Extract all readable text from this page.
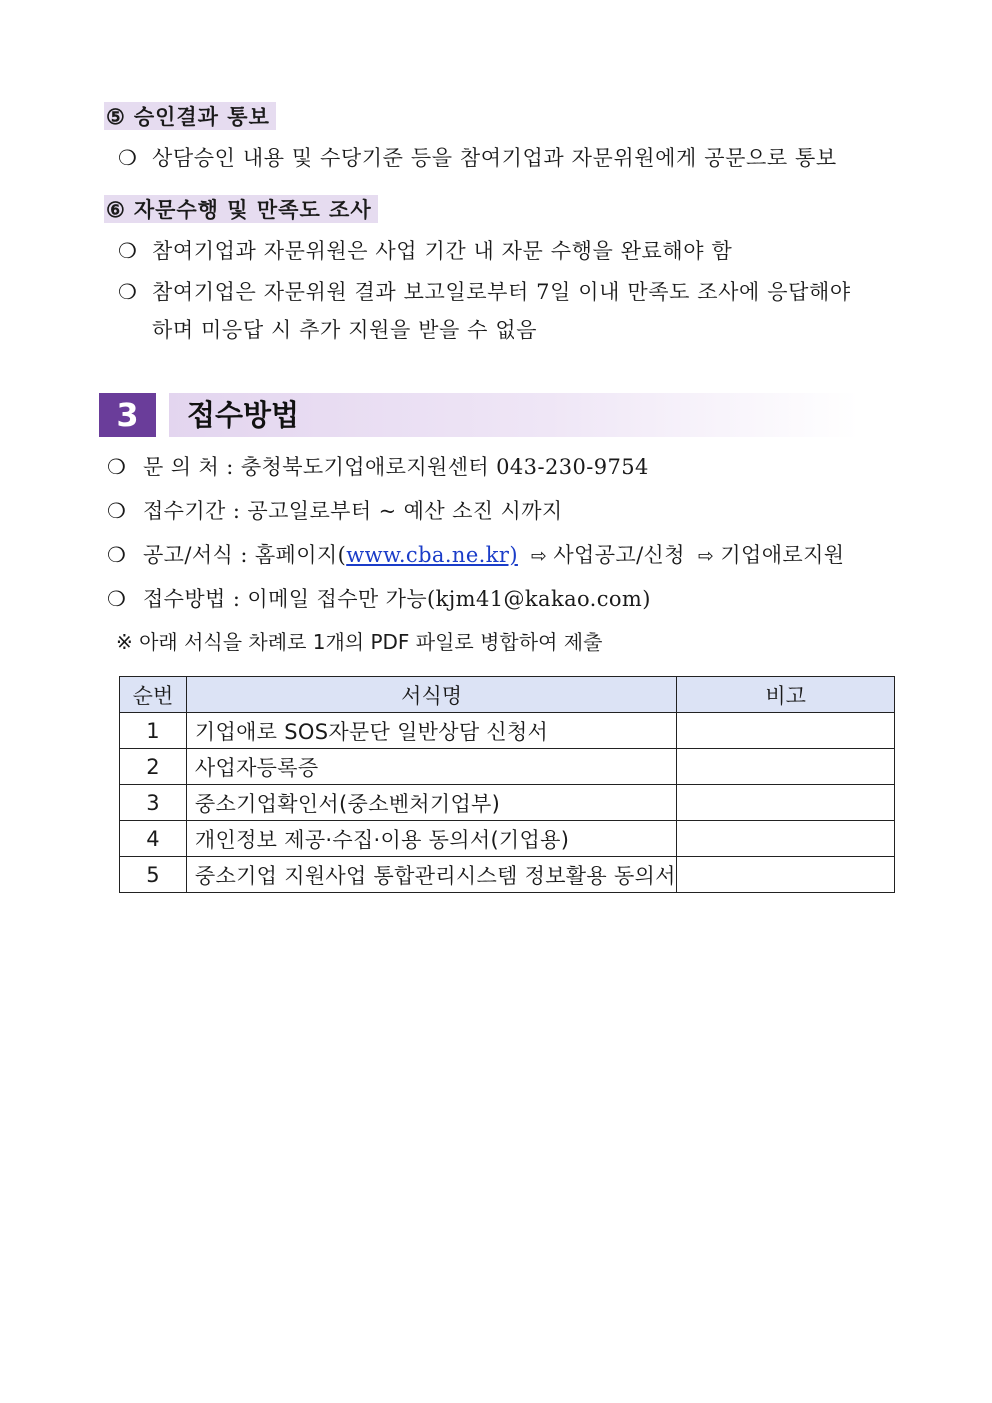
⑤ 승인결과 통보
❍ 상담승인 내용 및 수당기준 등을 참여기업과 자문위원에게 공문으로 통보
⑥ 자문수행 및 만족도 조사
❍ 참여기업과 자문위원은 사업 기간 내 자문 수행을 완료해야 함
❍ 참여기업은 자문위원 결과 보고일로부터 7일 이내 만족도 조사에 응답해야
하며 미응답 시 추가 지원을 받을 수 없음
3	접수방법
❍ 문 의 처 : 충청북도기업애로지원센터 043-230-9754
❍ 접수기간 : 공고일로부터 ~ 예산 소진 시까지
❍ 공고/서식 : 홈페이지(www.cba.ne.kr) ⇨ 사업공고/신청 ⇨ 기업애로지원
❍ 접수방법 : 이메일 접수만 가능(kjm41@kakao.com)
※ 아래 서식을 차례로 1개의 PDF 파일로 병합하여 제출
순번	서식명	비고
1	기업애로 SOS자문단 일반상담 신청서	
2	사업자등록증	
3	중소기업확인서(중소벤처기업부)	
4	개인정보 제공·수집·이용 동의서(기업용)	
5	중소기업 지원사업 통합관리시스템 정보활용 동의서	
